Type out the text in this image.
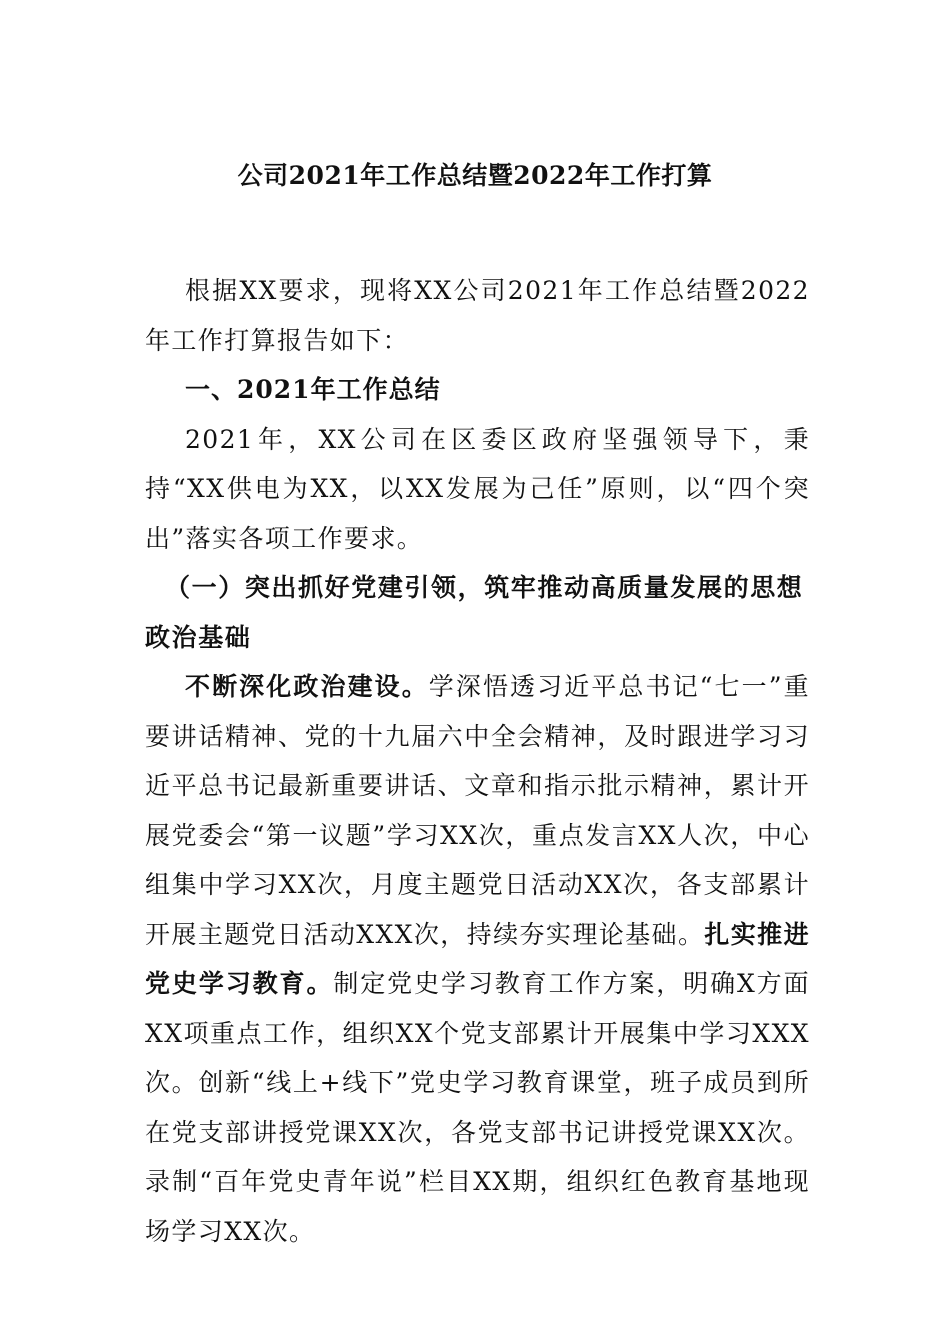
公司2021年工作总结暨2022年工作打算

根据XX要求，现将XX公司2021年工作总结暨2022年工作打算报告如下：

一、2021年工作总结

2021年，XX公司在区委区政府坚强领导下，秉持“XX供电为XX，以XX发展为己任”原则，以“四个突出”落实各项工作要求。

（一）突出抓好党建引领，筑牢推动高质量发展的思想政治基础

不断深化政治建设。学深悟透习近平总书记“七一”重要讲话精神、党的十九届六中全会精神，及时跟进学习习近平总书记最新重要讲话、文章和指示批示精神，累计开展党委会“第一议题”学习XX次，重点发言XX人次，中心组集中学习XX次，月度主题党日活动XX次，各支部累计开展主题党日活动XXX次，持续夯实理论基础。扎实推进党史学习教育。制定党史学习教育工作方案，明确X方面XX项重点工作，组织XX个党支部累计开展集中学习XXX次。创新“线上+线下”党史学习教育课堂，班子成员到所在党支部讲授党课XX次，各党支部书记讲授党课XX次。录制“百年党史青年说”栏目XX期，组织红色教育基地现场学习XX次。
